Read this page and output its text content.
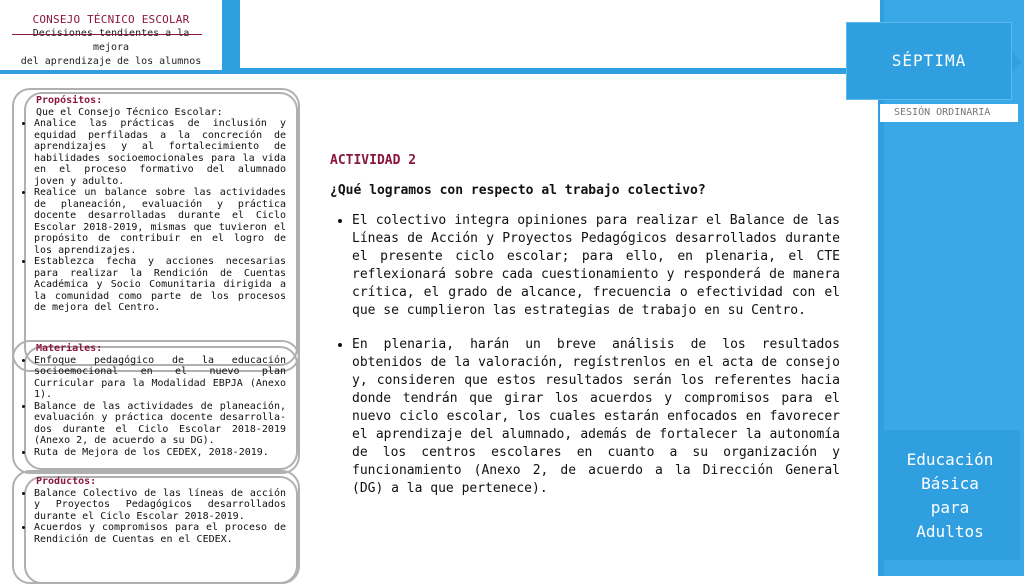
CONSEJO TÉCNICO ESCOLAR
mejora
del aprendizaje de los alumnos	SÉPTIMA
SESIÓN ORDINARIA
Educación
Básica
para
Adultos
Propósitos:
Que el Consejo Técnico Escolar:
• Analice las prácticas de inclusión y equidad perfiladas a la concreción de aprendizajes y al fortalecimiento de habilidades socioemocionales para la vida en el proceso formativo del alumnado joven y adulto.
• Realice un balance sobre las actividades de planeación, evaluación y práctica docente desarrolladas durante el Ciclo Escolar 2018-2019, mismas que tuvieron el propósito de contribuir en el logro de los aprendizajes.
• Establezca fecha y acciones necesarias para realizar la Rendición de Cuentas Académica y Socio Comunitaria dirigida a la comunidad como parte de los procesos de mejora del Centro.
Materiales:
• Enfoque pedagógico de la educación socioemocional en el nuevo plan Curricular para la Modalidad EBPJA (Anexo 1).
• Balance de las actividades de planeación, evaluación y práctica docente desarrolla-dos durante el Ciclo Escolar 2018-2019 (Anexo 2, de acuerdo a su DG).
• Ruta de Mejora de los CEDEX, 2018-2019.
Productos:
• Balance Colectivo de las líneas de acción y Proyectos Pedagógicos desarrollados durante el Ciclo Escolar 2018-2019.
• Acuerdos y compromisos para el proceso de Rendición de Cuentas en el CEDEX.
ACTIVIDAD 2
¿Qué logramos con respecto al trabajo colectivo?
• El colectivo integra opiniones para realizar el Balance de las Líneas de Acción y Proyectos Pedagógicos desarrollados durante el presente ciclo escolar; para ello, en plenaria, el CTE reflexionará sobre cada cuestionamiento y responderá de manera crítica, el grado de alcance, frecuencia o efectividad con el que se cumplieron las estrategias de trabajo en su Centro.
• En plenaria, harán un breve análisis de los resultados obtenidos de la valoración, regístrenlos en el acta de consejo y, consideren que estos resultados serán los referentes hacia donde tendrán que girar los acuerdos y compromisos para el nuevo ciclo escolar, los cuales estarán enfocados en favorecer el aprendizaje del alumnado, además de fortalecer la autonomía de los centros escolares en cuanto a su organización y funcionamiento (Anexo 2, de acuerdo a la Dirección General (DG) a la que pertenece).
